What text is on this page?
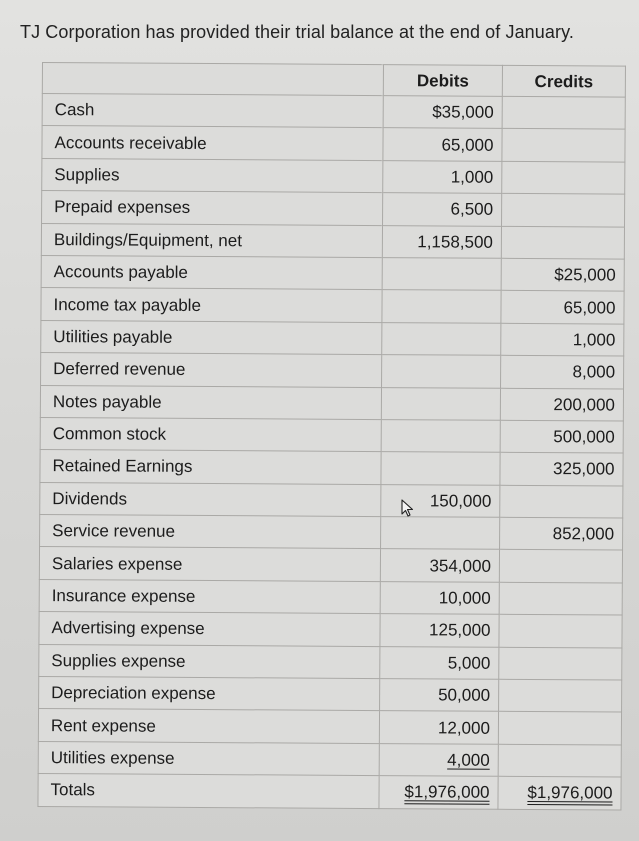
TJ Corporation has provided their trial balance at the end of January.
	Debits	Credits
Cash	$35,000	
Accounts receivable	65,000	
Supplies	1,000	
Prepaid expenses	6,500	
Buildings/Equipment, net	1,158,500	
Accounts payable		$25,000
Income tax payable		65,000
Utilities payable		1,000
Deferred revenue		8,000
Notes payable		200,000
Common stock		500,000
Retained Earnings		325,000
Dividends	150,000	
Service revenue		852,000
Salaries expense	354,000	
Insurance expense	10,000	
Advertising expense	125,000	
Supplies expense	5,000	
Depreciation expense	50,000	
Rent expense	12,000	
Utilities expense	4,000	
Totals	$1,976,000	$1,976,000
